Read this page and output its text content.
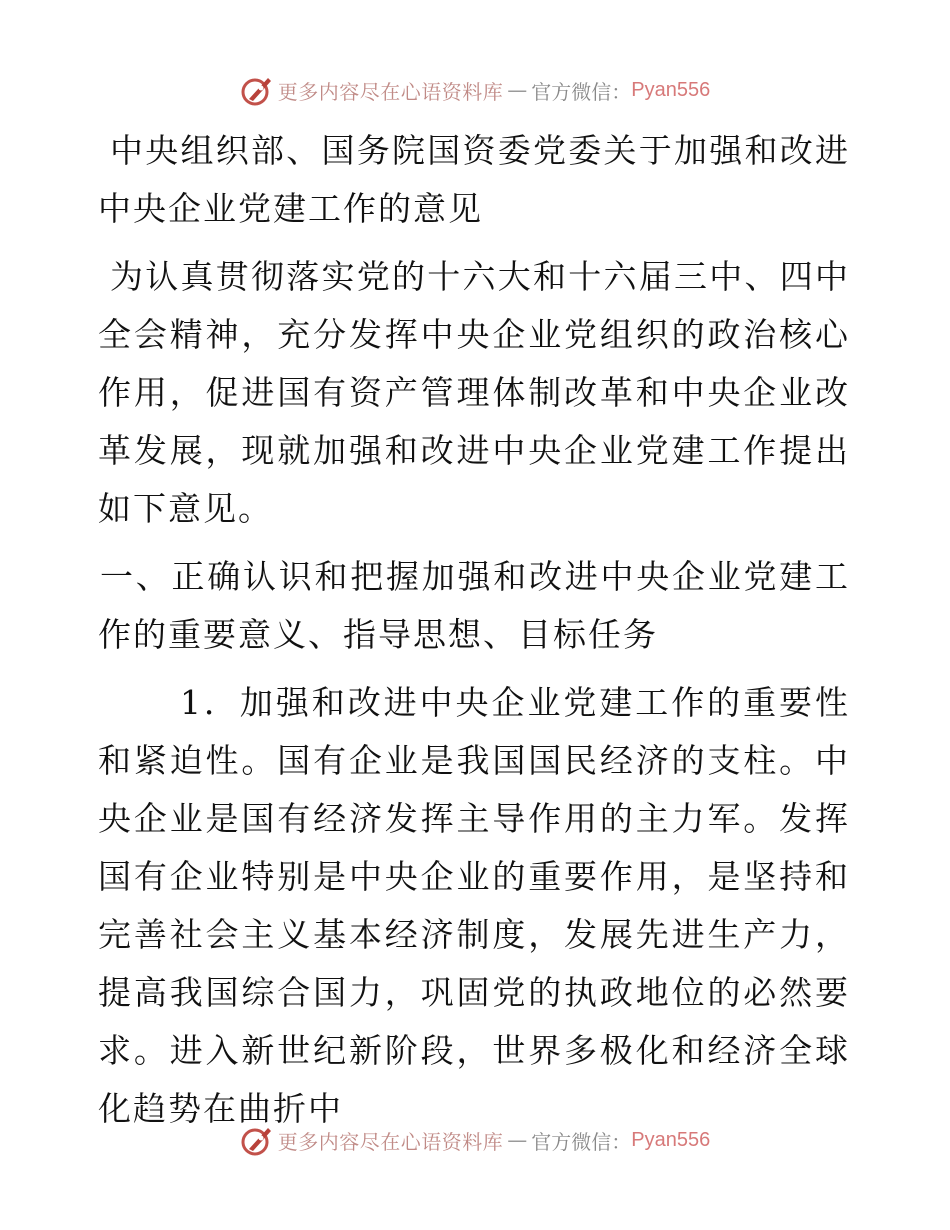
更多内容尽在心语资料库 — 官方微信： Pyan556

中央组织部、国务院国资委党委关于加强和改进中央企业党建工作的意见

为认真贯彻落实党的十六大和十六届三中、四中全会精神，充分发挥中央企业党组织的政治核心作用，促进国有资产管理体制改革和中央企业改革发展，现就加强和改进中央企业党建工作提出如下意见。

一、正确认识和把握加强和改进中央企业党建工作的重要意义、指导思想、目标任务

1．加强和改进中央企业党建工作的重要性和紧迫性。国有企业是我国国民经济的支柱。中央企业是国有经济发挥主导作用的主力军。发挥国有企业特别是中央企业的重要作用，是坚持和完善社会主义基本经济制度，发展先进生产力，提高我国综合国力，巩固党的执政地位的必然要求。进入新世纪新阶段，世界多极化和经济全球化趋势在曲折中

更多内容尽在心语资料库 — 官方微信： Pyan556
